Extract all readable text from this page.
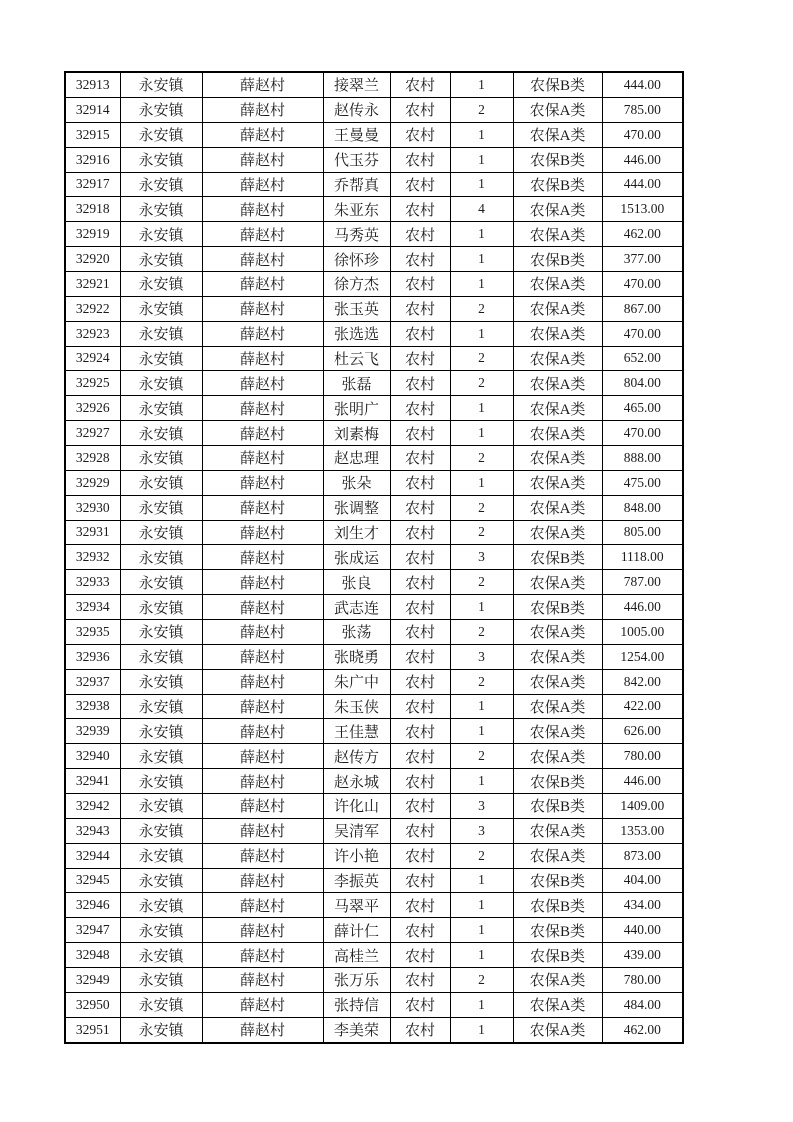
32913	永安镇	薛赵村	接翠兰	农村	1	农保B类	444.00
32914	永安镇	薛赵村	赵传永	农村	2	农保A类	785.00
32915	永安镇	薛赵村	王曼曼	农村	1	农保A类	470.00
32916	永安镇	薛赵村	代玉芬	农村	1	农保B类	446.00
32917	永安镇	薛赵村	乔帮真	农村	1	农保B类	444.00
32918	永安镇	薛赵村	朱亚东	农村	4	农保A类	1513.00
32919	永安镇	薛赵村	马秀英	农村	1	农保A类	462.00
32920	永安镇	薛赵村	徐怀珍	农村	1	农保B类	377.00
32921	永安镇	薛赵村	徐方杰	农村	1	农保A类	470.00
32922	永安镇	薛赵村	张玉英	农村	2	农保A类	867.00
32923	永安镇	薛赵村	张选选	农村	1	农保A类	470.00
32924	永安镇	薛赵村	杜云飞	农村	2	农保A类	652.00
32925	永安镇	薛赵村	张磊	农村	2	农保A类	804.00
32926	永安镇	薛赵村	张明广	农村	1	农保A类	465.00
32927	永安镇	薛赵村	刘素梅	农村	1	农保A类	470.00
32928	永安镇	薛赵村	赵忠理	农村	2	农保A类	888.00
32929	永安镇	薛赵村	张朵	农村	1	农保A类	475.00
32930	永安镇	薛赵村	张调整	农村	2	农保A类	848.00
32931	永安镇	薛赵村	刘生才	农村	2	农保A类	805.00
32932	永安镇	薛赵村	张成运	农村	3	农保B类	1118.00
32933	永安镇	薛赵村	张良	农村	2	农保A类	787.00
32934	永安镇	薛赵村	武志连	农村	1	农保B类	446.00
32935	永安镇	薛赵村	张荡	农村	2	农保A类	1005.00
32936	永安镇	薛赵村	张晓勇	农村	3	农保A类	1254.00
32937	永安镇	薛赵村	朱广中	农村	2	农保A类	842.00
32938	永安镇	薛赵村	朱玉侠	农村	1	农保A类	422.00
32939	永安镇	薛赵村	王佳慧	农村	1	农保A类	626.00
32940	永安镇	薛赵村	赵传方	农村	2	农保A类	780.00
32941	永安镇	薛赵村	赵永城	农村	1	农保B类	446.00
32942	永安镇	薛赵村	许化山	农村	3	农保B类	1409.00
32943	永安镇	薛赵村	吴清军	农村	3	农保A类	1353.00
32944	永安镇	薛赵村	许小艳	农村	2	农保A类	873.00
32945	永安镇	薛赵村	李振英	农村	1	农保B类	404.00
32946	永安镇	薛赵村	马翠平	农村	1	农保B类	434.00
32947	永安镇	薛赵村	薛计仁	农村	1	农保B类	440.00
32948	永安镇	薛赵村	高桂兰	农村	1	农保B类	439.00
32949	永安镇	薛赵村	张万乐	农村	2	农保A类	780.00
32950	永安镇	薛赵村	张持信	农村	1	农保A类	484.00
32951	永安镇	薛赵村	李美荣	农村	1	农保A类	462.00
